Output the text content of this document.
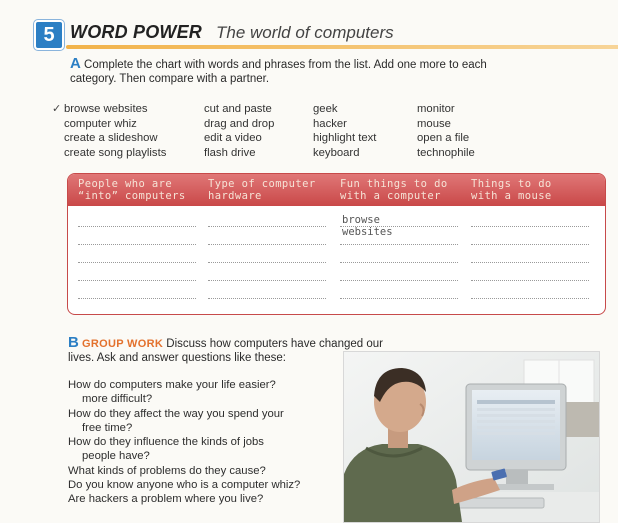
5 WORD POWER The world of computers
A Complete the chart with words and phrases from the list. Add one more to each category. Then compare with a partner.
✓ browse websites
computer whiz
create a slideshow
create song playlists
cut and paste
drag and drop
edit a video
flash drive
geek
hacker
highlight text
keyboard
monitor
mouse
open a file
technophile
People who are
“into” computers
Type of computer
hardware
Fun things to do
with a computer
browse websites
Things to do
with a mouse
B GROUP WORK Discuss how computers have changed our lives. Ask and answer questions like these:
How do computers make your life easier?
more difficult?
How do they affect the way you spend your
free time?
How do they influence the kinds of jobs
people have?
What kinds of problems do they cause?
Do you know anyone who is a computer whiz?
Are hackers a problem where you live?
